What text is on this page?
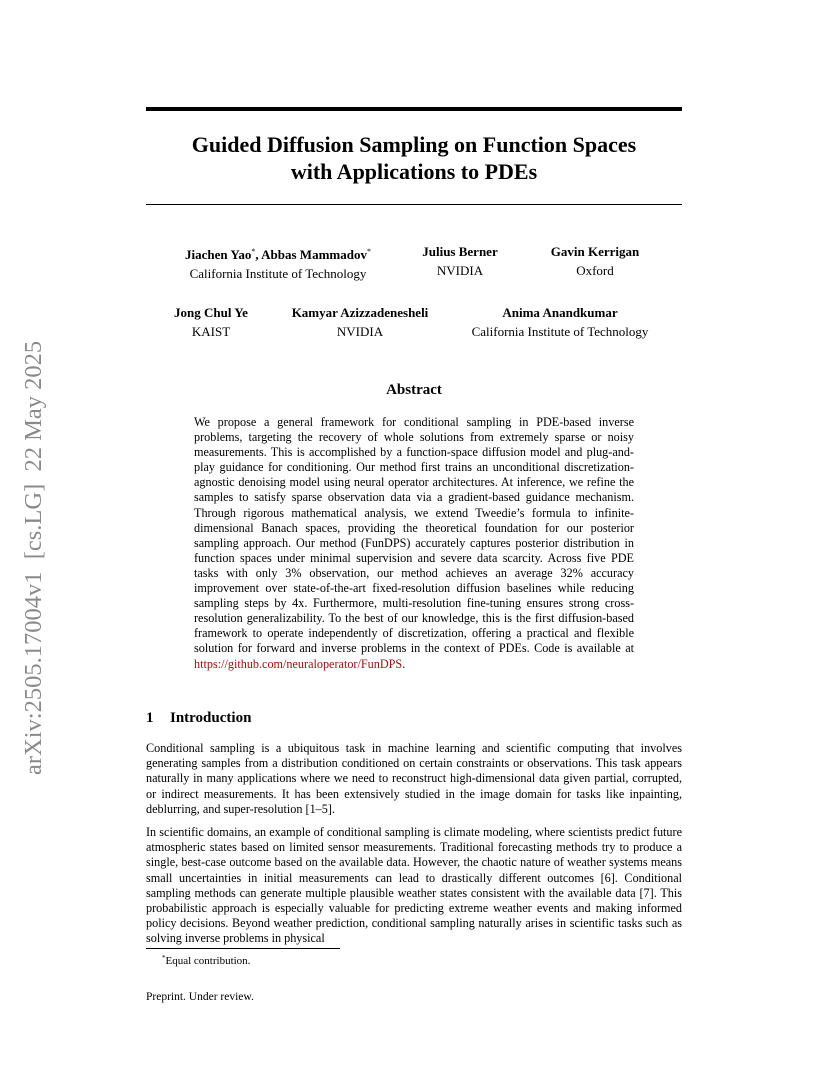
arXiv:2505.17004v1  [cs.LG]  22 May 2025
Guided Diffusion Sampling on Function Spaces
with Applications to PDEs
Jiachen Yao*, Abbas Mammadov*
California Institute of Technology
Julius Berner
NVIDIA
Gavin Kerrigan
Oxford
Jong Chul Ye
KAIST
Kamyar Azizzadenesheli
NVIDIA
Anima Anandkumar
California Institute of Technology
Abstract
We propose a general framework for conditional sampling in PDE-based inverse problems, targeting the recovery of whole solutions from extremely sparse or noisy measurements. This is accomplished by a function-space diffusion model and plug-and-play guidance for conditioning. Our method first trains an unconditional discretization-agnostic denoising model using neural operator architectures. At inference, we refine the samples to satisfy sparse observation data via a gradient-based guidance mechanism. Through rigorous mathematical analysis, we extend Tweedie’s formula to infinite-dimensional Banach spaces, providing the theoretical foundation for our posterior sampling approach. Our method (FunDPS) accurately captures posterior distribution in function spaces under minimal supervision and severe data scarcity. Across five PDE tasks with only 3% observation, our method achieves an average 32% accuracy improvement over state-of-the-art fixed-resolution diffusion baselines while reducing sampling steps by 4x. Furthermore, multi-resolution fine-tuning ensures strong cross-resolution generalizability. To the best of our knowledge, this is the first diffusion-based framework to operate independently of discretization, offering a practical and flexible solution for forward and inverse problems in the context of PDEs. Code is available at https://github.com/neuraloperator/FunDPS.
1 Introduction
Conditional sampling is a ubiquitous task in machine learning and scientific computing that involves generating samples from a distribution conditioned on certain constraints or observations. This task appears naturally in many applications where we need to reconstruct high-dimensional data given partial, corrupted, or indirect measurements. It has been extensively studied in the image domain for tasks like inpainting, deblurring, and super-resolution [1–5].
In scientific domains, an example of conditional sampling is climate modeling, where scientists predict future atmospheric states based on limited sensor measurements. Traditional forecasting methods try to produce a single, best-case outcome based on the available data. However, the chaotic nature of weather systems means small uncertainties in initial measurements can lead to drastically different outcomes [6]. Conditional sampling methods can generate multiple plausible weather states consistent with the available data [7]. This probabilistic approach is especially valuable for predicting extreme weather events and making informed policy decisions. Beyond weather prediction, conditional sampling naturally arises in scientific tasks such as solving inverse problems in physical
*Equal contribution.
Preprint. Under review.
